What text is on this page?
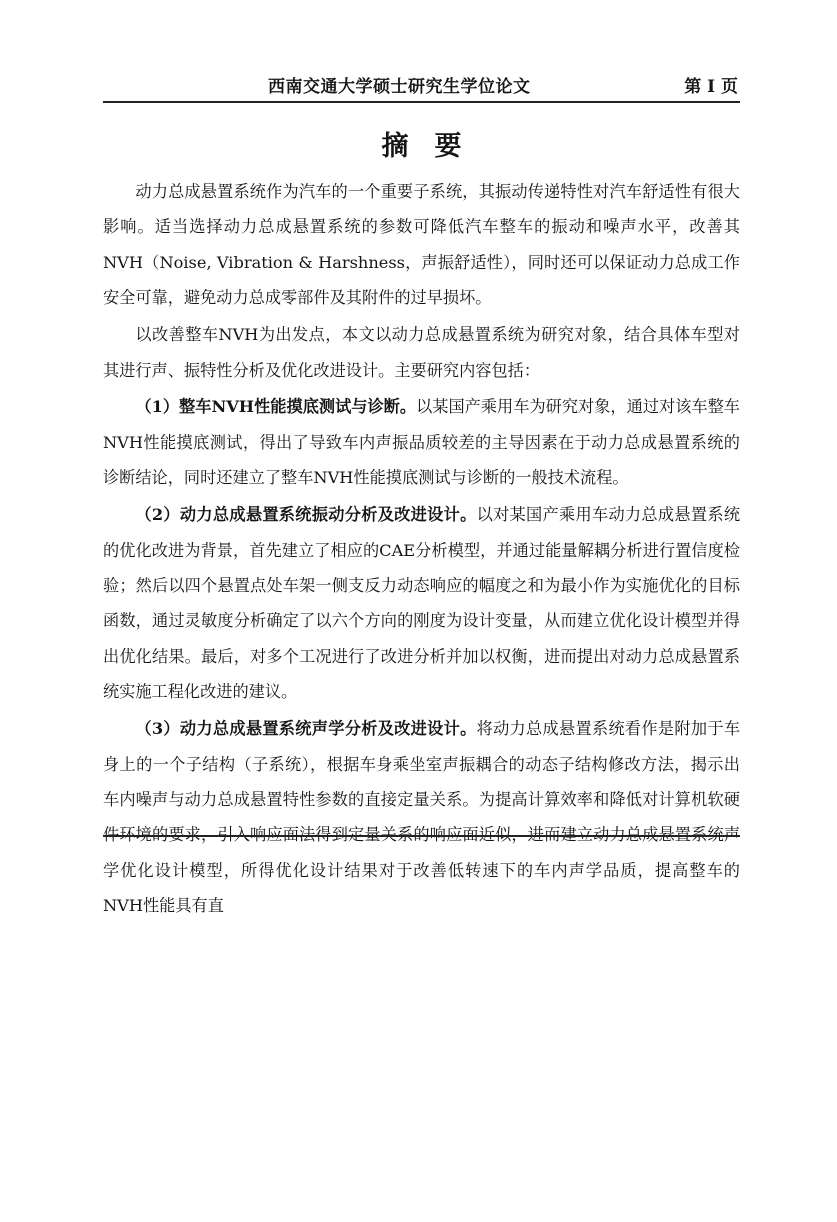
西南交通大学硕士研究生学位论文	第 I 页
摘要

动力总成悬置系统作为汽车的一个重要子系统，其振动传递特性对汽车舒适性有很大影响。适当选择动力总成悬置系统的参数可降低汽车整车的振动和噪声水平，改善其NVH（Noise, Vibration & Harshness，声振舒适性），同时还可以保证动力总成工作安全可靠，避免动力总成零部件及其附件的过早损坏。

以改善整车NVH为出发点，本文以动力总成悬置系统为研究对象，结合具体车型对其进行声、振特性分析及优化改进设计。主要研究内容包括：

（1）整车NVH性能摸底测试与诊断。以某国产乘用车为研究对象，通过对该车整车NVH性能摸底测试，得出了导致车内声振品质较差的主导因素在于动力总成悬置系统的诊断结论，同时还建立了整车NVH性能摸底测试与诊断的一般技术流程。

（2）动力总成悬置系统振动分析及改进设计。以对某国产乘用车动力总成悬置系统的优化改进为背景，首先建立了相应的CAE分析模型，并通过能量解耦分析进行置信度检验；然后以四个悬置点处车架一侧支反力动态响应的幅度之和为最小作为实施优化的目标函数，通过灵敏度分析确定了以六个方向的刚度为设计变量，从而建立优化设计模型并得出优化结果。最后，对多个工况进行了改进分析并加以权衡，进而提出对动力总成悬置系统实施工程化改进的建议。

（3）动力总成悬置系统声学分析及改进设计。将动力总成悬置系统看作是附加于车身上的一个子结构（子系统），根据车身乘坐室声振耦合的动态子结构修改方法，揭示出车内噪声与动力总成悬置特性参数的直接定量关系。为提高计算效率和降低对计算机软硬件环境的要求，引入响应面法得到定量关系的响应面近似，进而建立动力总成悬置系统声学优化设计模型，所得优化设计结果对于改善低转速下的车内声学品质，提高整车的NVH性能具有直
